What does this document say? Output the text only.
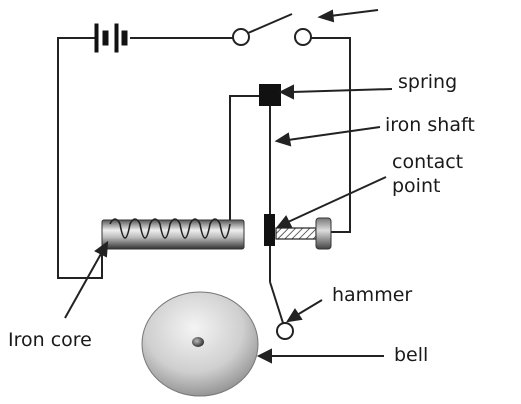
spring
iron shaft
contact
point
hammer
Iron core
bell
